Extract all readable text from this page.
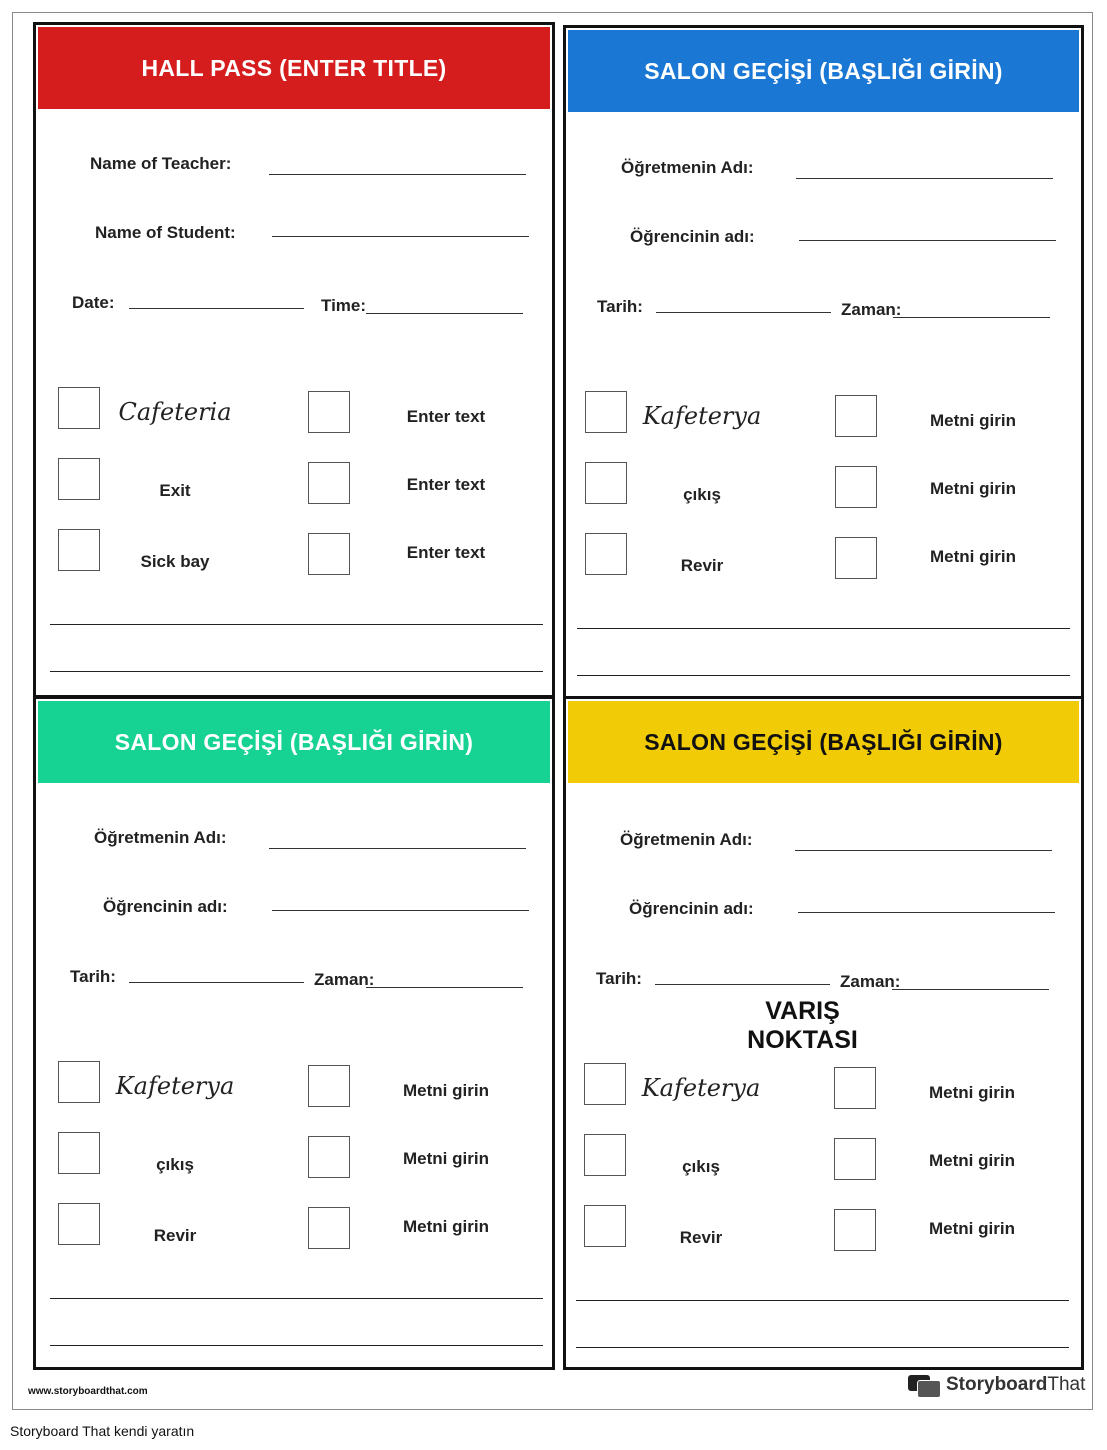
HALL PASS (ENTER TITLE)
Name of Teacher:
Name of Student:
Date:	Time:
Cafeteria	Enter text
Exit	Enter text
Sick bay	Enter text
SALON GEÇİŞİ (BAŞLIĞI GİRİN)
Öğretmenin Adı:
Öğrencinin adı:
Tarih:	Zaman:
Kafeterya	Metni girin
çıkış	Metni girin
Revir	Metni girin
SALON GEÇİŞİ (BAŞLIĞI GİRİN)
Öğretmenin Adı:
Öğrencinin adı:
Tarih:	Zaman:
Kafeterya	Metni girin
çıkış	Metni girin
Revir	Metni girin
SALON GEÇİŞİ (BAŞLIĞI GİRİN)
Öğretmenin Adı:
Öğrencinin adı:
Tarih:	Zaman:
Kafeterya	Metni girin
çıkış	Metni girin
Revir	Metni girin
VARIŞ
NOKTASI
www.storyboardthat.com	StoryboardThat
Storyboard That kendi yaratın
